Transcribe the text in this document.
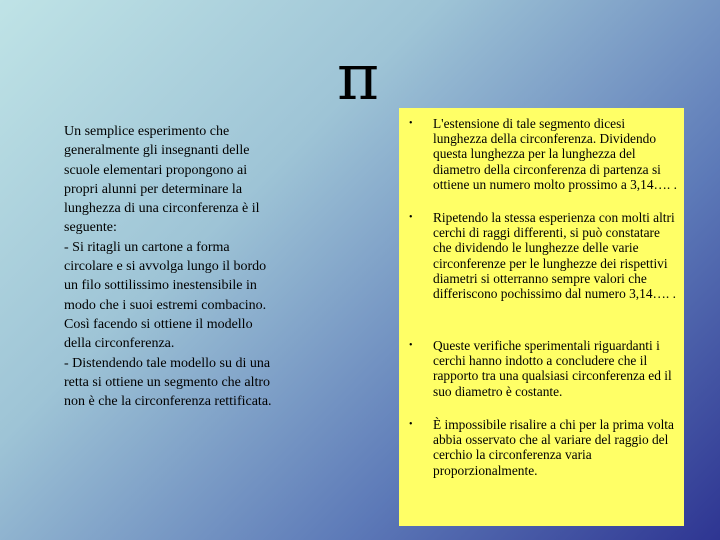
π
Un semplice esperimento che generalmente gli insegnanti delle scuole elementari propongono ai propri alunni per determinare la lunghezza di una circonferenza è il seguente:
- Si ritagli un cartone a forma circolare e si avvolga lungo il bordo un filo sottilissimo inestensibile in modo che i suoi estremi combacino. Così facendo si ottiene il modello della circonferenza.
- Distendendo tale modello su di una retta si ottiene un segmento che altro non è che la circonferenza rettificata.
• L'estensione di tale segmento dicesi lunghezza della circonferenza. Dividendo questa lunghezza per la lunghezza del diametro della circonferenza di partenza si ottiene un numero molto prossimo a 3,14…. .
• Ripetendo la stessa esperienza con molti altri cerchi di raggi differenti, si può constatare che dividendo le lunghezze delle varie circonferenze per le lunghezze dei rispettivi diametri si otterranno sempre valori che differiscono pochissimo dal numero 3,14…. .
• Queste verifiche sperimentali riguardanti i cerchi hanno indotto a concludere che il rapporto tra una qualsiasi circonferenza ed il suo diametro è costante.
• È impossibile risalire a chi per la prima volta abbia osservato che al variare del raggio del cerchio la circonferenza varia proporzionalmente.
